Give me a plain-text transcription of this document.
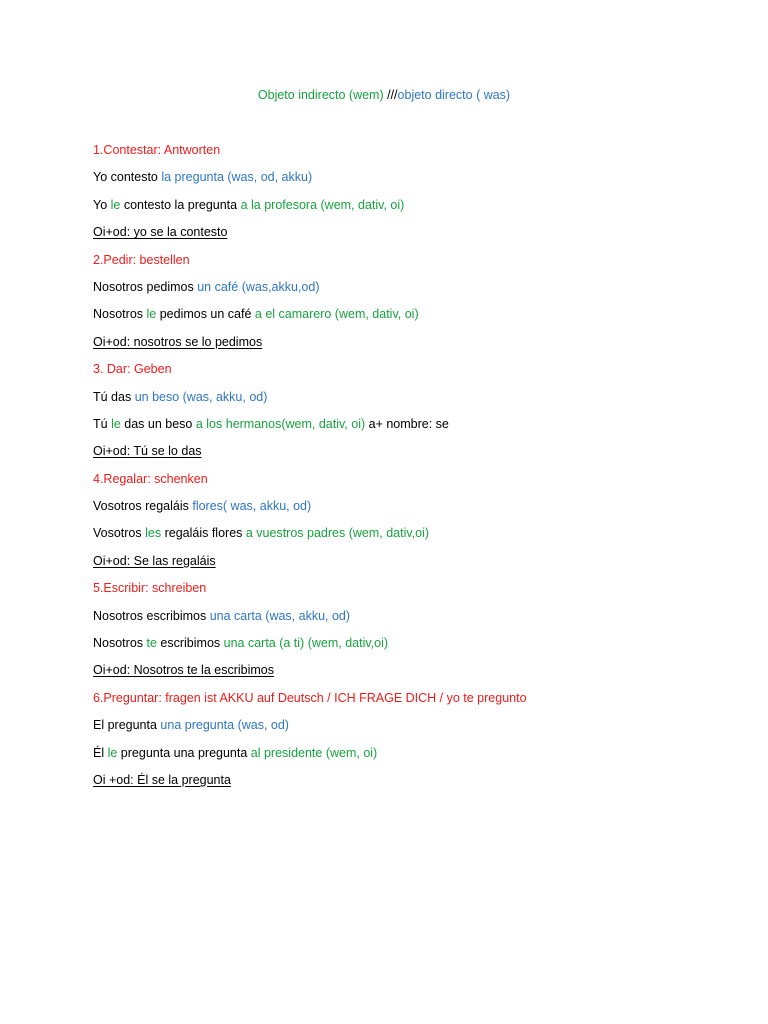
Objeto indirecto (wem) ///objeto directo ( was)
1.Contestar: Antworten
Yo contesto la pregunta (was, od, akku)
Yo le contesto la pregunta a la profesora (wem, dativ, oi)
Oi+od: yo se la contesto
2.Pedir: bestellen
Nosotros pedimos un café (was,akku,od)
Nosotros le pedimos un café a el camarero (wem, dativ, oi)
Oi+od: nosotros se lo pedimos
3. Dar: Geben
Tú das un beso (was, akku, od)
Tú le das un beso a los hermanos(wem, dativ, oi) a+ nombre: se
Oi+od: Tú se lo das
4.Regalar: schenken
Vosotros regaláis flores( was, akku, od)
Vosotros les regaláis flores a vuestros padres (wem, dativ,oi)
Oi+od: Se las regaláis
5.Escribir: schreiben
Nosotros escribimos una carta (was, akku, od)
Nosotros te escribimos una carta (a ti) (wem, dativ,oi)
Oi+od: Nosotros te la escribimos
6.Preguntar: fragen ist AKKU auf Deutsch / ICH FRAGE DICH / yo te pregunto
El pregunta una pregunta (was, od)
Él le pregunta una pregunta al presidente (wem, oi)
Oi +od: Él se la pregunta
